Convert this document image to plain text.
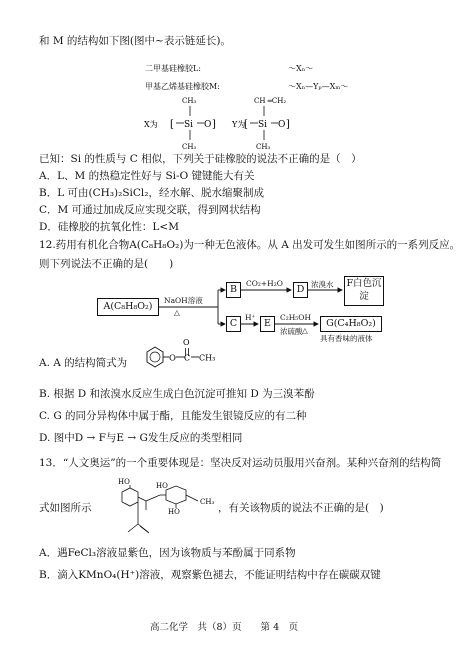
和 M 的结构如下图(图中~表示链延长)。
二甲基硅橡胶L:	～Xₙ～
甲基乙烯基硅橡胶M:	～Xₙ—Yₚ—Xₘ～
X为 [ Si O ]
CH₃
CH₃
Y为
[ Si O ]
CH ═CH₂
CH₃
已知：Si 的性质与 C 相似，下列关于硅橡胶的说法不正确的是（　）
A．L、M 的热稳定性好与 Si-O 键键能大有关
B．L 可由(CH₃)₂SiCl₂，经水解、脱水缩聚制成
C．M 可通过加成反应实现交联，得到网状结构
D．硅橡胶的抗氧化性：L<M
12.药用有机化合物A(C₈H₈O₂)为一种无色液体。从 A 出发可发生如图所示的一系列反应。
则下列说法不正确的是(　　)
A(C₈H₈O₂)
NaOH溶液
△
B
CO₂+H₂O
D 浓溴水 F白色沉淀
C
H⁺
E
C₂H₅OH
浓硫酸 △
G(C₄H₈O₂)
具有香味的液体
A. A 的结构简式为	O
O
C CH₃
B. 根据 D 和浓溴水反应生成白色沉淀可推知 D 为三溴苯酚
C. G 的同分异构体中属于酯，且能发生银镜反应的有二种
D. 图中D → F与E → G发生反应的类型相同
13．“人文奥运”的一个重要体现是：坚决反对运动员服用兴奋剂。某种兴奋剂的结构简
式如图所示	，有关该物质的说法不正确的是(　)
HO	HO
HO
CH₃
A．遇FeCl₃溶液显紫色，因为该物质与苯酚属于同系物
B．滴入KMnO₄(H⁺)溶液，观察紫色褪去，不能证明结构中存在碳碳双键
高二化学　共（8）页　　第 4　页
